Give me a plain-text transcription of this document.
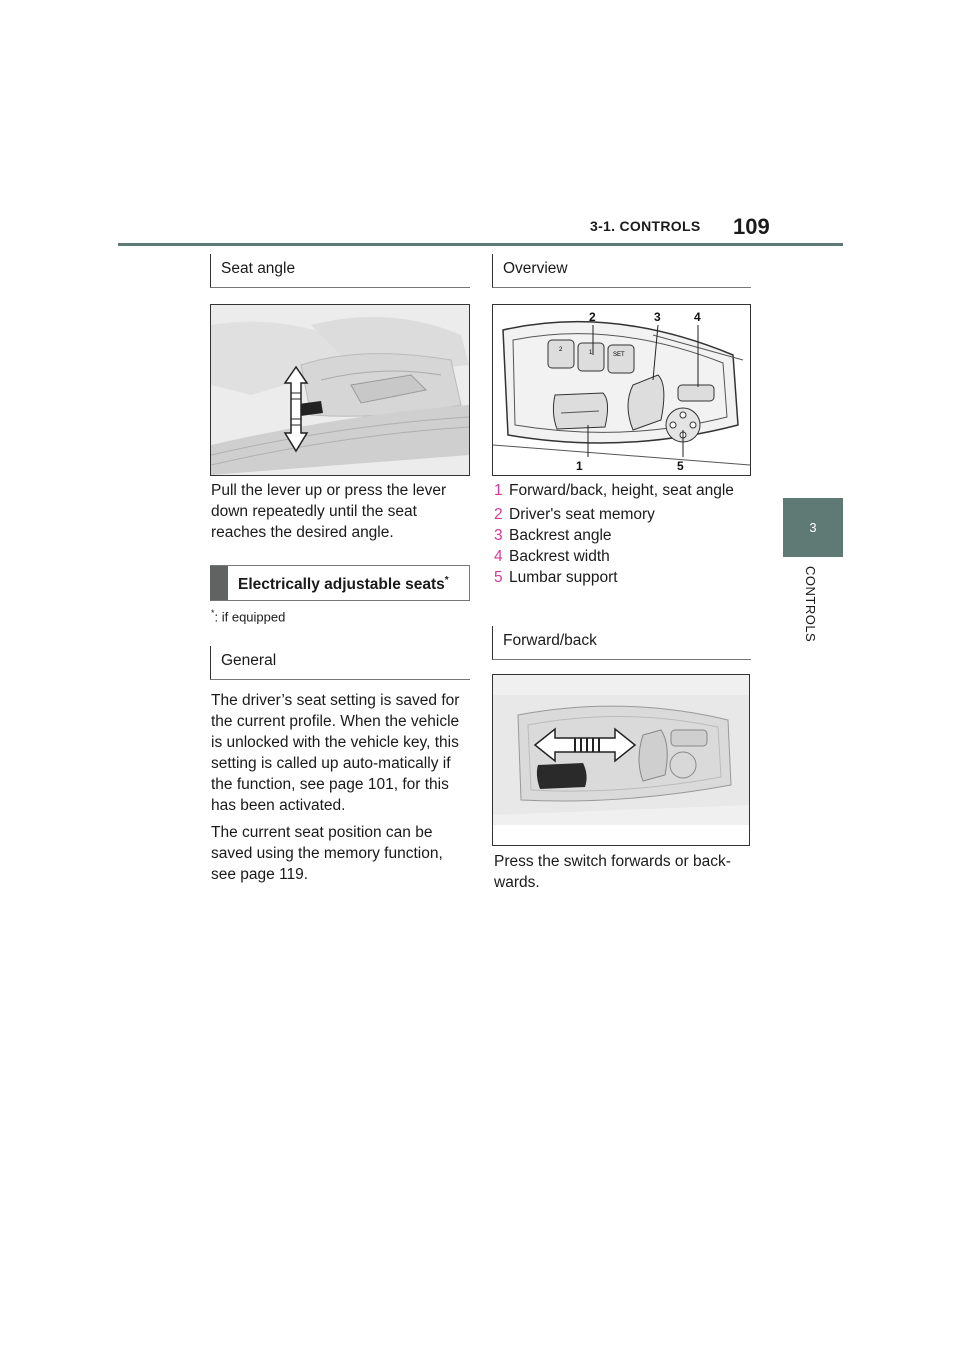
3-1. CONTROLS 109
3
CONTROLS
Seat angle

Pull the lever up or press the lever down repeatedly until the seat reaches the desired angle.

Electrically adjustable seats*
*: if equipped
General

The driver’s seat setting is saved for the current profile. When the vehicle is unlocked with the vehicle key, this setting is called up auto-matically if the function, see page 101, for this has been activated.

The current seat position can be saved using the memory function, see page 119.

Overview
2	1	SET
2	3	4
1	5
1 Forward/back, height, seat angle
2 Driver's seat memory
3 Backrest angle
4 Backrest width
5 Lumbar support
Forward/back

Press the switch forwards or back-wards.
